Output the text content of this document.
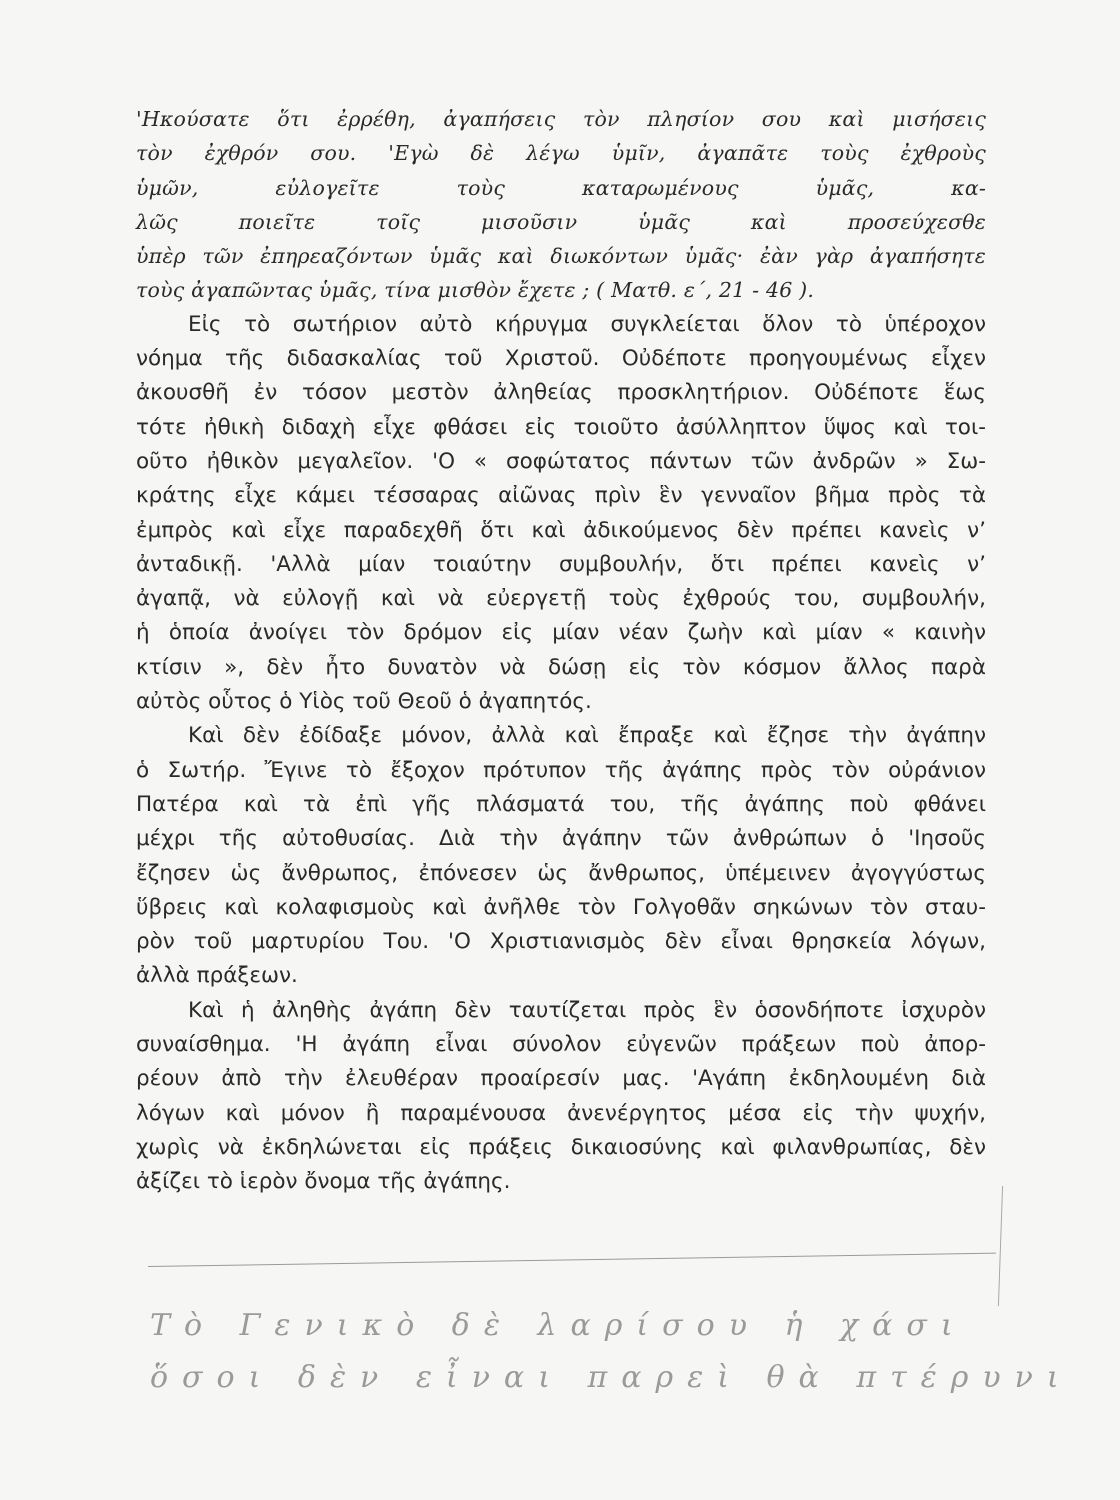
'Ηκούσατε ὅτι ἐρρέθη, ἀγαπήσεις τὸν πλησίον σου καὶ μισήσεις
τὸν ἐχθρόν σου. 'Εγὼ δὲ λέγω ὑμῖν, ἀγαπᾶτε τοὺς ἐχθροὺς
ὑμῶν, εὐλογεῖτε τοὺς καταρωμένους ὑμᾶς, κα-
λῶς ποιεῖτε τοῖς μισοῦσιν ὑμᾶς καὶ προσεύχεσθε
ὑπὲρ τῶν ἐπηρεαζόντων ὑμᾶς καὶ διωκόντων ὑμᾶς· ἐὰν γὰρ ἀγαπήσητε
τοὺς ἀγαπῶντας ὑμᾶς, τίνα μισθὸν ἔχετε ; ( Ματθ. ε΄, 21 - 46 ).
Εἰς τὸ σωτήριον αὐτὸ κήρυγμα συγκλείεται ὅλον τὸ ὑπέροχον
νόημα τῆς διδασκαλίας τοῦ Χριστοῦ. Οὐδέποτε προηγουμένως εἶχεν
ἀκουσθῆ ἐν τόσον μεστὸν ἀληθείας προσκλητήριον. Οὐδέποτε ἕως
τότε ἠθικὴ διδαχὴ εἶχε φθάσει εἰς τοιοῦτο ἀσύλληπτον ὕψος καὶ τοι-
οῦτο ἠθικὸν μεγαλεῖον. 'Ο « σοφώτατος πάντων τῶν ἀνδρῶν » Σω-
κράτης εἶχε κάμει τέσσαρας αἰῶνας πρὶν ἓν γενναῖον βῆμα πρὸς τὰ
ἐμπρὸς καὶ εἶχε παραδεχθῆ ὅτι καὶ ἀδικούμενος δὲν πρέπει κανεὶς ν’
ἀνταδικῇ. 'Αλλὰ μίαν τοιαύτην συμβουλήν, ὅτι πρέπει κανεὶς ν’
ἀγαπᾷ, νὰ εὐλογῇ καὶ νὰ εὐεργετῇ τοὺς ἐχθρούς του, συμβουλήν,
ἡ ὁποία ἀνοίγει τὸν δρόμον εἰς μίαν νέαν ζωὴν καὶ μίαν « καινὴν
κτίσιν », δὲν ἦτο δυνατὸν νὰ δώσῃ εἰς τὸν κόσμον ἄλλος παρὰ
αὐτὸς οὗτος ὁ Υἱὸς τοῦ Θεοῦ ὁ ἀγαπητός.
Καὶ δὲν ἐδίδαξε μόνον, ἀλλὰ καὶ ἔπραξε καὶ ἔζησε τὴν ἀγάπην
ὁ Σωτήρ. Ἔγινε τὸ ἔξοχον πρότυπον τῆς ἀγάπης πρὸς τὸν οὐράνιον
Πατέρα καὶ τὰ ἐπὶ γῆς πλάσματά του, τῆς ἀγάπης ποὺ φθάνει
μέχρι τῆς αὐτοθυσίας. Διὰ τὴν ἀγάπην τῶν ἀνθρώπων ὁ 'Ιησοῦς
ἔζησεν ὡς ἄνθρωπος, ἐπόνεσεν ὡς ἄνθρωπος, ὑπέμεινεν ἀγογγύστως
ὕβρεις καὶ κολαφισμοὺς καὶ ἀνῆλθε τὸν Γολγοθᾶν σηκώνων τὸν σταυ-
ρὸν τοῦ μαρτυρίου Του. 'Ο Χριστιανισμὸς δὲν εἶναι θρησκεία λόγων,
ἀλλὰ πράξεων.
Καὶ ἡ ἀληθὴς ἀγάπη δὲν ταυτίζεται πρὸς ἓν ὁσονδήποτε ἰσχυρὸν
συναίσθημα. 'Η ἀγάπη εἶναι σύνολον εὐγενῶν πράξεων ποὺ ἀπορ-
ρέουν ἀπὸ τὴν ἐλευθέραν προαίρεσίν μας. 'Αγάπη ἐκδηλουμένη διὰ
λόγων καὶ μόνον ἢ παραμένουσα ἀνενέργητος μέσα εἰς τὴν ψυχήν,
χωρὶς νὰ ἐκδηλώνεται εἰς πράξεις δικαιοσύνης καὶ φιλανθρωπίας, δὲν
ἀξίζει τὸ ἱερὸν ὄνομα τῆς ἀγάπης.
Τὸ Γενικὸ δὲ λαρίσου ἡ χάσι
ὅσοι δὲν εἶναι παρεὶ θὰ πτέρυνι
